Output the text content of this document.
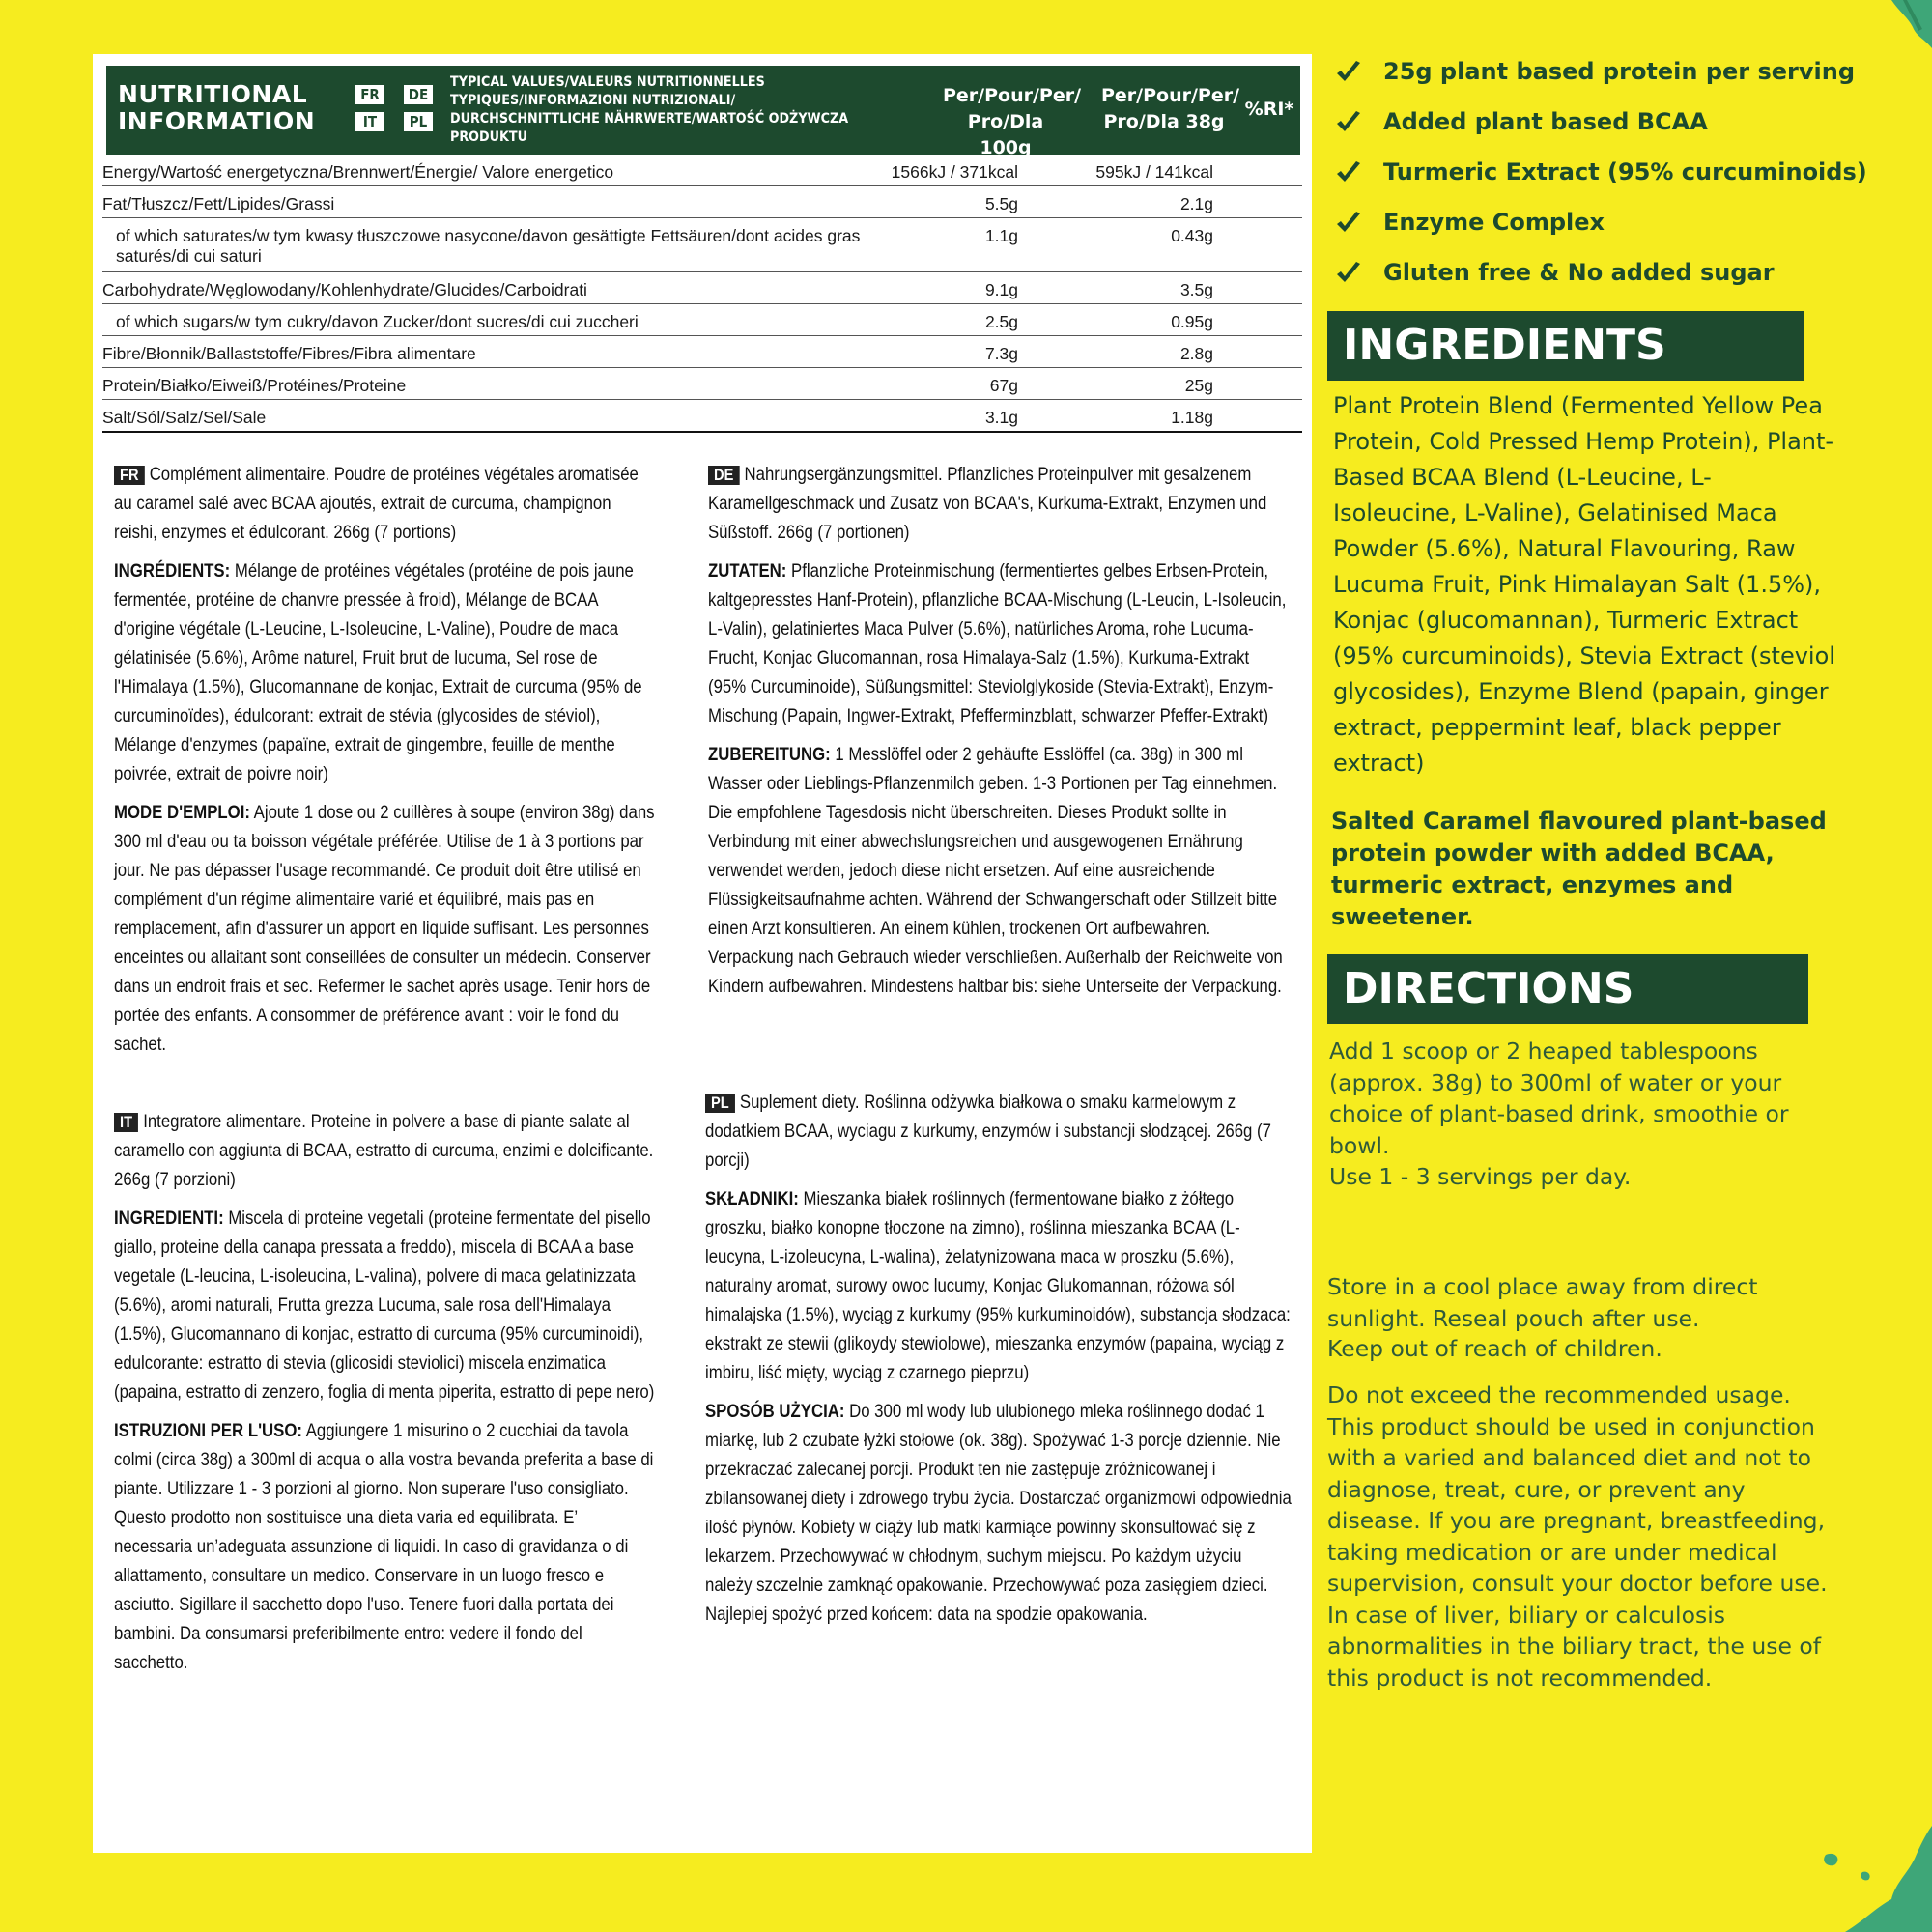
NUTRITIONAL
INFORMATION
FR	DE
IT	PL
TYPICAL VALUES/VALEURS NUTRITIONNELLES TYPIQUES/INFORMAZIONI NUTRIZIONALI/ DURCHSCHNITTLICHE NÄHRWERTE/WARTOŚĆ ODŻYWCZA PRODUKTU
Per/Pour/Per/
Pro/Dla 100g
Per/Pour/Per/
Pro/Dla 38g
%RI*
Energy/Wartość energetyczna/Brennwert/Énergie/ Valore energetico	1566kJ / 371kcal	595kJ / 141kcal
Fat/Tłuszcz/Fett/Lipides/Grassi	5.5g	2.1g
of which saturates/w tym kwasy tłuszczowe nasycone/davon gesättigte Fettsäuren/dont acides gras saturés/di cui saturi
1.1g	0.43g
Carbohydrate/Węglowodany/Kohlenhydrate/Glucides/Carboidrati	9.1g	3.5g
of which sugars/w tym cukry/davon Zucker/dont sucres/di cui zuccheri	2.5g	0.95g
Fibre/Błonnik/Ballaststoffe/Fibres/Fibra alimentare	7.3g	2.8g
Protein/Białko/Eiweiß/Protéines/Proteine	67g	25g
Salt/Sól/Salz/Sel/Sale	3.1g	1.18g

FR Complément alimentaire. Poudre de protéines végétales aromatisée au caramel salé avec BCAA ajoutés, extrait de curcuma, champignon reishi, enzymes et édulcorant. 266g (7 portions)

INGRÉDIENTS: Mélange de protéines végétales (protéine de pois jaune fermentée, protéine de chanvre pressée à froid), Mélange de BCAA d'origine végétale (L-Leucine, L-Isoleucine, L-Valine), Poudre de maca gélatinisée (5.6%), Arôme naturel, Fruit brut de lucuma, Sel rose de l'Himalaya (1.5%), Glucomannane de konjac, Extrait de curcuma (95% de curcuminoïdes), édulcorant: extrait de stévia (glycosides de stéviol), Mélange d'enzymes (papaïne, extrait de gingembre, feuille de menthe poivrée, extrait de poivre noir)

MODE D'EMPLOI: Ajoute 1 dose ou 2 cuillères à soupe (environ 38g) dans 300 ml d'eau ou ta boisson végétale préférée. Utilise de 1 à 3 portions par jour. Ne pas dépasser l'usage recommandé. Ce produit doit être utilisé en complément d'un régime alimentaire varié et équilibré, mais pas en remplacement, afin d'assurer un apport en liquide suffisant. Les personnes enceintes ou allaitant sont conseillées de consulter un médecin. Conserver dans un endroit frais et sec. Refermer le sachet après usage. Tenir hors de portée des enfants. A consommer de préférence avant : voir le fond du sachet.

IT Integratore alimentare. Proteine in polvere a base di piante salate al caramello con aggiunta di BCAA, estratto di curcuma, enzimi e dolcificante. 266g (7 porzioni)

INGREDIENTI: Miscela di proteine vegetali (proteine fermentate del pisello giallo, proteine della canapa pressata a freddo), miscela di BCAA a base vegetale (L-leucina, L-isoleucina, L-valina), polvere di maca gelatinizzata (5.6%), aromi naturali, Frutta grezza Lucuma, sale rosa dell'Himalaya (1.5%), Glucomannano di konjac, estratto di curcuma (95% curcuminoidi), edulcorante: estratto di stevia (glicosidi steviolici) miscela enzimatica (papaina, estratto di zenzero, foglia di menta piperita, estratto di pepe nero)

ISTRUZIONI PER L'USO: Aggiungere 1 misurino o 2 cucchiai da tavola colmi (circa 38g) a 300ml di acqua o alla vostra bevanda preferita a base di piante. Utilizzare 1 - 3 porzioni al giorno. Non superare l'uso consigliato. Questo prodotto non sostituisce una dieta varia ed equilibrata. E’ necessaria un’adeguata assunzione di liquidi. In caso di gravidanza o di allattamento, consultare un medico. Conservare in un luogo fresco e asciutto. Sigillare il sacchetto dopo l'uso. Tenere fuori dalla portata dei bambini. Da consumarsi preferibilmente entro: vedere il fondo del sacchetto.

DE Nahrungsergänzungsmittel. Pflanzliches Proteinpulver mit gesalzenem Karamellgeschmack und Zusatz von BCAA's, Kurkuma-Extrakt, Enzymen und Süßstoff. 266g (7 portionen)

ZUTATEN: Pflanzliche Proteinmischung (fermentiertes gelbes Erbsen-Protein, kaltgepresstes Hanf-Protein), pflanzliche BCAA-Mischung (L-Leucin, L-Isoleucin, L-Valin), gelatiniertes Maca Pulver (5.6%), natürliches Aroma, rohe Lucuma-Frucht, Konjac Glucomannan, rosa Himalaya-Salz (1.5%), Kurkuma-Extrakt (95% Curcuminoide), Süßungsmittel: Steviolglykoside (Stevia-Extrakt), Enzym-Mischung (Papain, Ingwer-Extrakt, Pfefferminzblatt, schwarzer Pfeffer-Extrakt)

ZUBEREITUNG: 1 Messlöffel oder 2 gehäufte Esslöffel (ca. 38g) in 300 ml Wasser oder Lieblings-Pflanzenmilch geben. 1-3 Portionen per Tag einnehmen. Die empfohlene Tagesdosis nicht überschreiten. Dieses Produkt sollte in Verbindung mit einer abwechslungsreichen und ausgewogenen Ernährung verwendet werden, jedoch diese nicht ersetzen. Auf eine ausreichende Flüssigkeitsaufnahme achten. Während der Schwangerschaft oder Stillzeit bitte einen Arzt konsultieren. An einem kühlen, trockenen Ort aufbewahren. Verpackung nach Gebrauch wieder verschließen. Außerhalb der Reichweite von Kindern aufbewahren. Mindestens haltbar bis: siehe Unterseite der Verpackung.

PL Suplement diety. Roślinna odżywka białkowa o smaku karmelowym z dodatkiem BCAA, wyciagu z kurkumy, enzymów i substancji słodzącej. 266g (7 porcji)

SKŁADNIKI: Mieszanka białek roślinnych (fermentowane białko z żółtego groszku, białko konopne tłoczone na zimno), roślinna mieszanka BCAA (L-leucyna, L-izoleucyna, L-walina), żelatynizowana maca w proszku (5.6%), naturalny aromat, surowy owoc lucumy, Konjac Glukomannan, różowa sól himalajska (1.5%), wyciąg z kurkumy (95% kurkuminoidów), substancja słodzaca: ekstrakt ze stewii (glikoydy stewiolowe), mieszanka enzymów (papaina, wyciąg z imbiru, liść mięty, wyciąg z czarnego pieprzu)

SPOSÓB UŻYCIA: Do 300 ml wody lub ulubionego mleka roślinnego dodać 1 miarkę, lub 2 czubate łyżki stołowe (ok. 38g). Spożywać 1-3 porcje dziennie. Nie przekraczać zalecanej porcji. Produkt ten nie zastępuje zróżnicowanej i zbilansowanej diety i zdrowego trybu życia. Dostarczać organizmowi odpowiednia ilość płynów. Kobiety w ciąży lub matki karmiące powinny skonsultować się z lekarzem. Przechowywać w chłodnym, suchym miejscu. Po każdym użyciu należy szczelnie zamknąć opakowanie. Przechowywać poza zasięgiem dzieci. Najlepiej spożyć przed końcem: data na spodzie opakowania.

25g plant based protein per serving
Added plant based BCAA
Turmeric Extract (95% curcuminoids)
Enzyme Complex
Gluten free & No added sugar
INGREDIENTS
Plant Protein Blend (Fermented Yellow Pea Protein, Cold Pressed Hemp Protein), Plant-Based BCAA Blend (L-Leucine, L-Isoleucine, L-Valine), Gelatinised Maca Powder (5.6%), Natural Flavouring, Raw Lucuma Fruit, Pink Himalayan Salt (1.5%), Konjac (glucomannan), Turmeric Extract (95% curcuminoids), Stevia Extract (steviol glycosides), Enzyme Blend (papain, ginger extract, peppermint leaf, black pepper extract)
Salted Caramel flavoured plant-based protein powder with added BCAA, turmeric extract, enzymes and sweetener.
DIRECTIONS
Add 1 scoop or 2 heaped tablespoons (approx. 38g) to 300ml of water or your choice of plant-based drink, smoothie or bowl.
Use 1 - 3 servings per day.
Store in a cool place away from direct sunlight. Reseal pouch after use.
Keep out of reach of children.
Do not exceed the recommended usage. This product should be used in conjunction with a varied and balanced diet and not to diagnose, treat, cure, or prevent any disease. If you are pregnant, breastfeeding, taking medication or are under medical supervision, consult your doctor before use. In case of liver, biliary or calculosis abnormalities in the biliary tract, the use of this product is not recommended.
